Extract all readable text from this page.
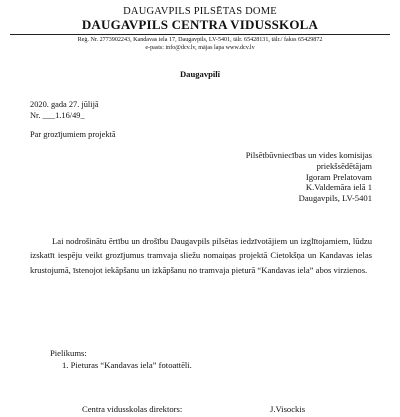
DAUGAVPILS PILSĒTAS DOME
DAUGAVPILS CENTRA VIDUSSKOLA
Reģ. Nr. 2773902243, Kandavas iela 17, Daugavpils, LV-5401, tālr. 65428131, tālr./ fakss 65429872
e-pasts: info@dcv.lv, mājas lapa www.dcv.lv
Daugavpilī
2020. gada 27. jūlijā
Nr. ___1.16/49_
Par grozījumiem projektā
Pilsētbūvniecības un vides komisijas
priekšsēdētājam
Igoram Prelatovam
K.Valdemāra ielā 1
Daugavpils, LV-5401
Lai nodrošinātu ērtību un drošību Daugavpils pilsētas iedzīvotājiem un izglītojamiem, lūdzu izskatīt iespēju veikt grozījumus tramvaja sliežu nomaiņas projektā Cietokšņa un Kandavas ielas krustojumā, īstenojot iekāpšanu un izkāpšanu no tramvaja pieturā “Kandavas iela” abos virzienos.
Pielikums:
1. Pieturas “Kandavas iela” fotoattēli.
Centra vidusskolas direktors:	J.Visockis
